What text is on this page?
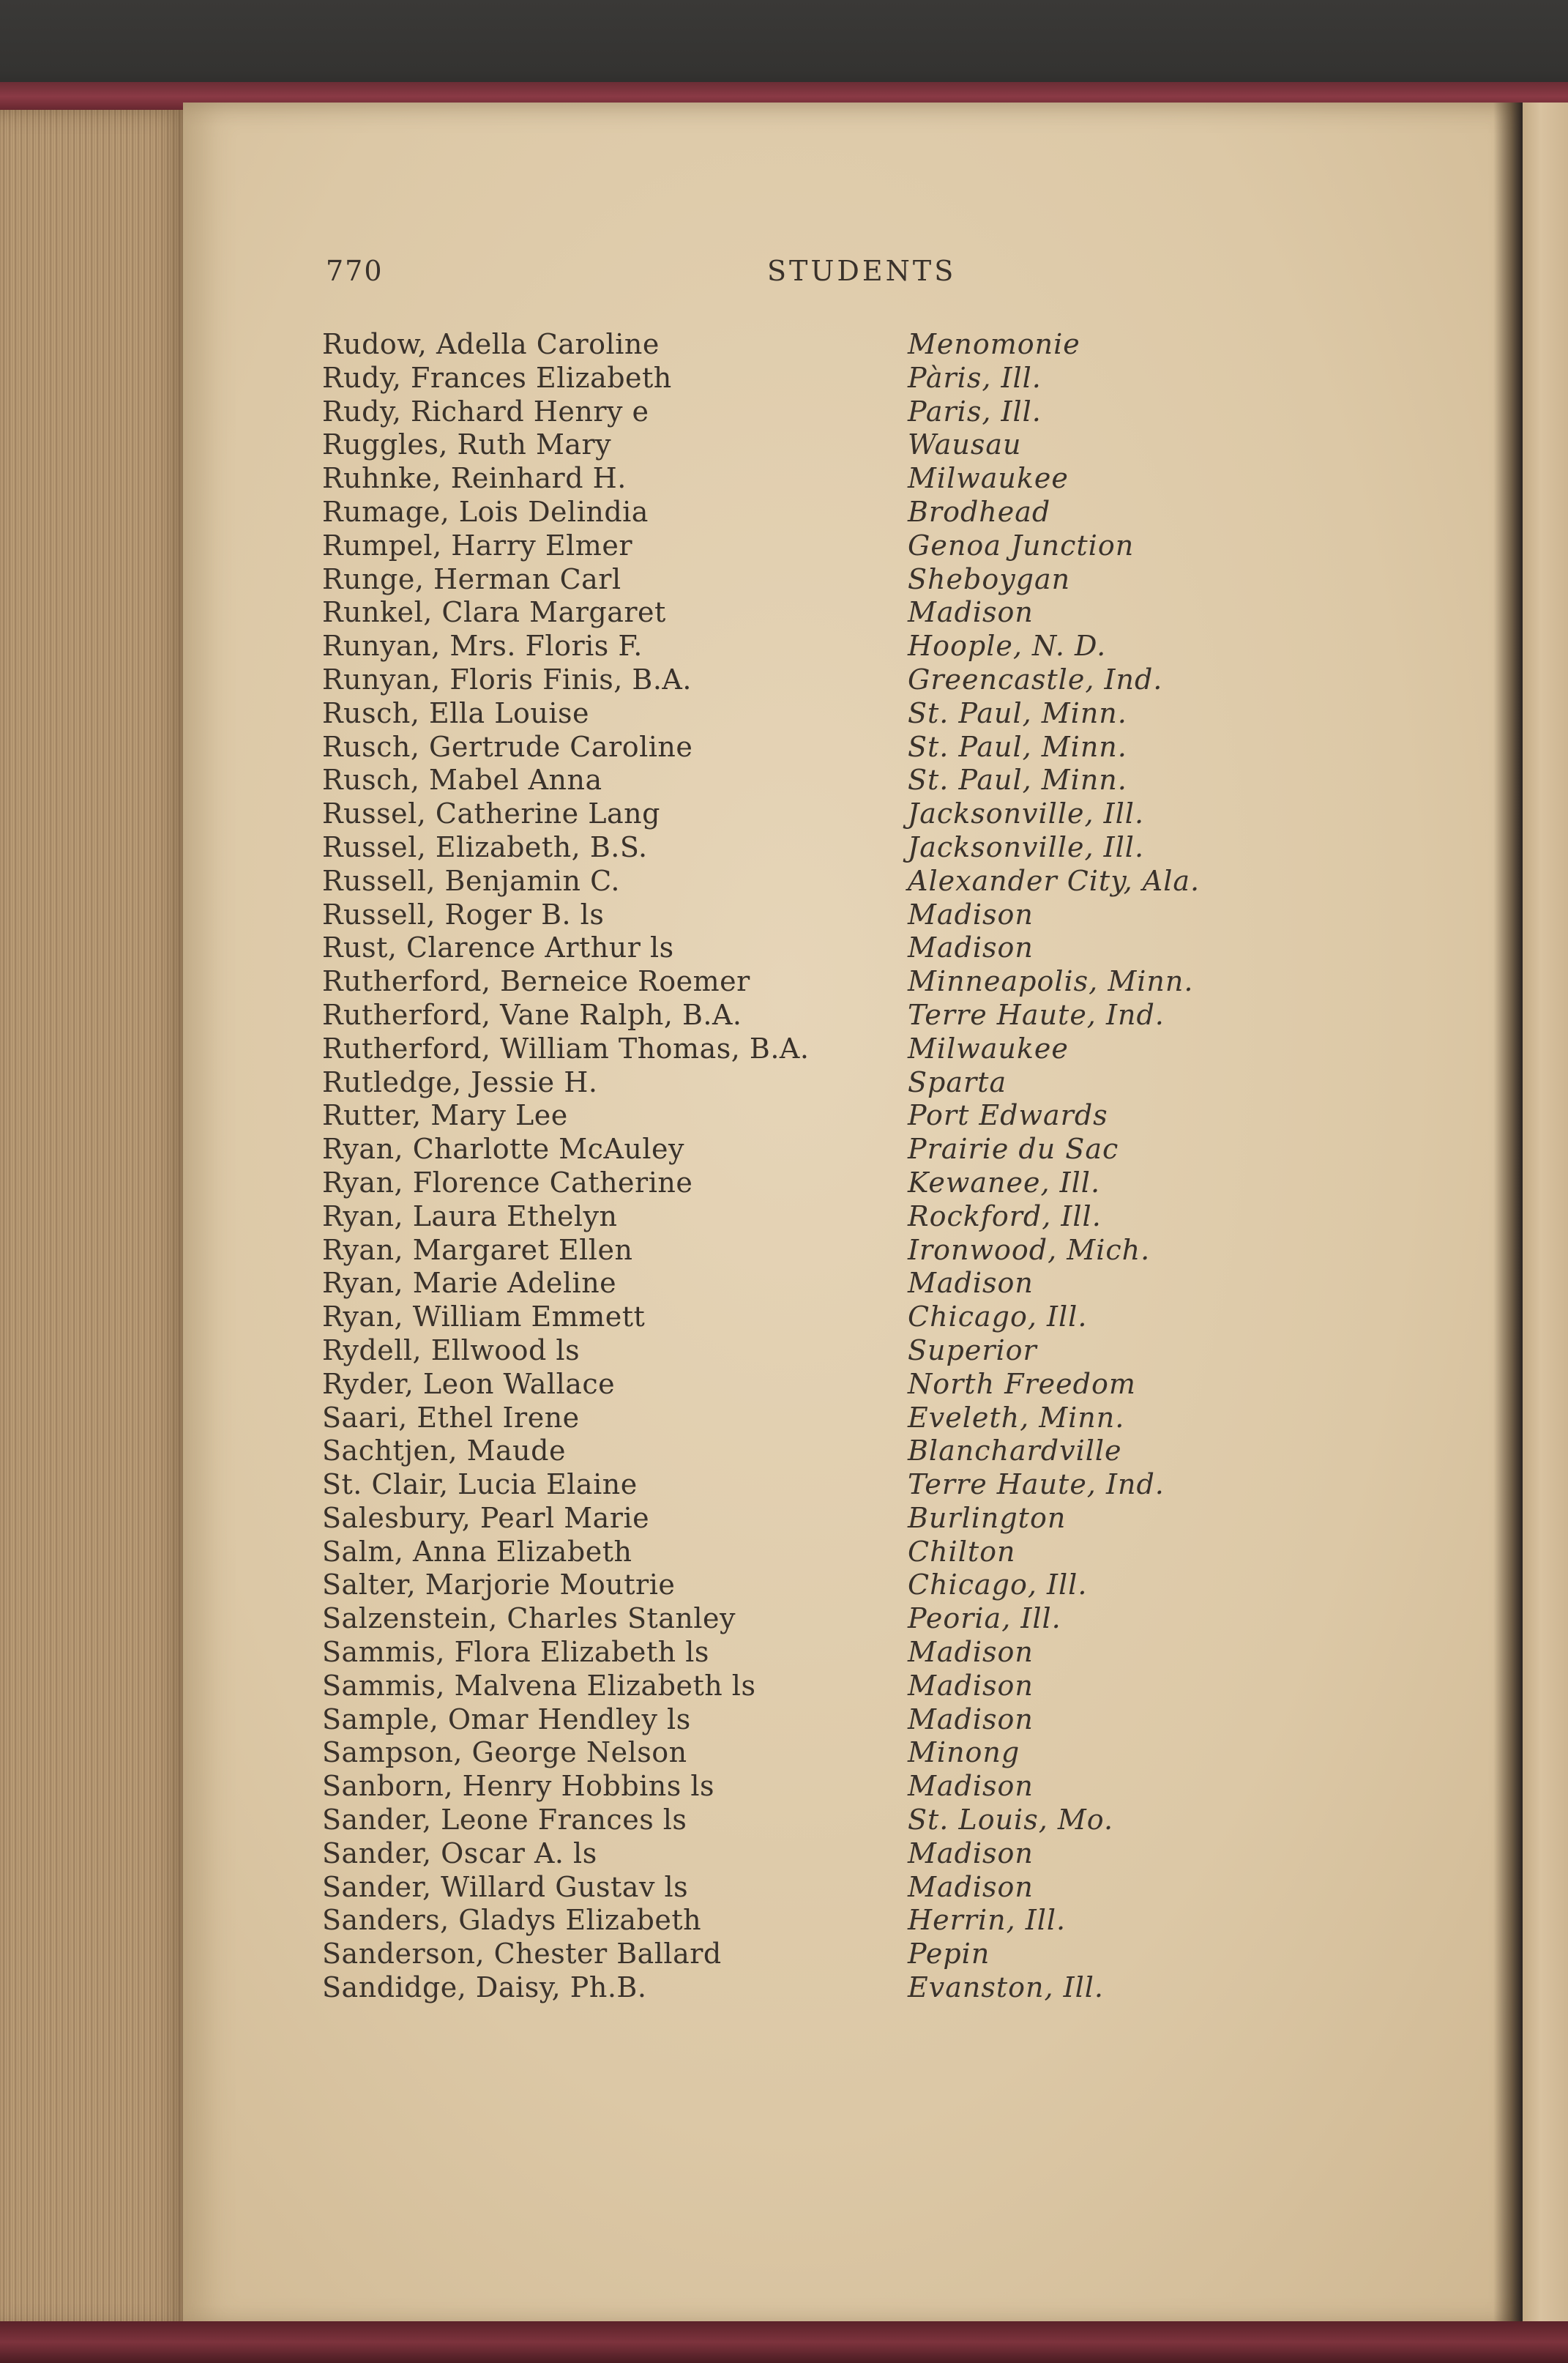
770	STUDENTS
Rudow, Adella Caroline	Menomonie
Rudy, Frances Elizabeth	Pàris, Ill.
Rudy, Richard Henry e	Paris, Ill.
Ruggles, Ruth Mary	Wausau
Ruhnke, Reinhard H.	Milwaukee
Rumage, Lois Delindia	Brodhead
Rumpel, Harry Elmer	Genoa Junction
Runge, Herman Carl	Sheboygan
Runkel, Clara Margaret	Madison
Runyan, Mrs. Floris F.	Hoople, N. D.
Runyan, Floris Finis, B.A.	Greencastle, Ind.
Rusch, Ella Louise	St. Paul, Minn.
Rusch, Gertrude Caroline	St. Paul, Minn.
Rusch, Mabel Anna	St. Paul, Minn.
Russel, Catherine Lang	Jacksonville, Ill.
Russel, Elizabeth, B.S.	Jacksonville, Ill.
Russell, Benjamin C.	Alexander City, Ala.
Russell, Roger B. ls	Madison
Rust, Clarence Arthur ls	Madison
Rutherford, Berneice Roemer	Minneapolis, Minn.
Rutherford, Vane Ralph, B.A.	Terre Haute, Ind.
Rutherford, William Thomas, B.A.	Milwaukee
Rutledge, Jessie H.	Sparta
Rutter, Mary Lee	Port Edwards
Ryan, Charlotte McAuley	Prairie du Sac
Ryan, Florence Catherine	Kewanee, Ill.
Ryan, Laura Ethelyn	Rockford, Ill.
Ryan, Margaret Ellen	Ironwood, Mich.
Ryan, Marie Adeline	Madison
Ryan, William Emmett	Chicago, Ill.
Rydell, Ellwood ls	Superior
Ryder, Leon Wallace	North Freedom
Saari, Ethel Irene	Eveleth, Minn.
Sachtjen, Maude	Blanchardville
St. Clair, Lucia Elaine	Terre Haute, Ind.
Salesbury, Pearl Marie	Burlington
Salm, Anna Elizabeth	Chilton
Salter, Marjorie Moutrie	Chicago, Ill.
Salzenstein, Charles Stanley	Peoria, Ill.
Sammis, Flora Elizabeth ls	Madison
Sammis, Malvena Elizabeth ls	Madison
Sample, Omar Hendley ls	Madison
Sampson, George Nelson	Minong
Sanborn, Henry Hobbins ls	Madison
Sander, Leone Frances ls	St. Louis, Mo.
Sander, Oscar A. ls	Madison
Sander, Willard Gustav ls	Madison
Sanders, Gladys Elizabeth	Herrin, Ill.
Sanderson, Chester Ballard	Pepin
Sandidge, Daisy, Ph.B.	Evanston, Ill.
